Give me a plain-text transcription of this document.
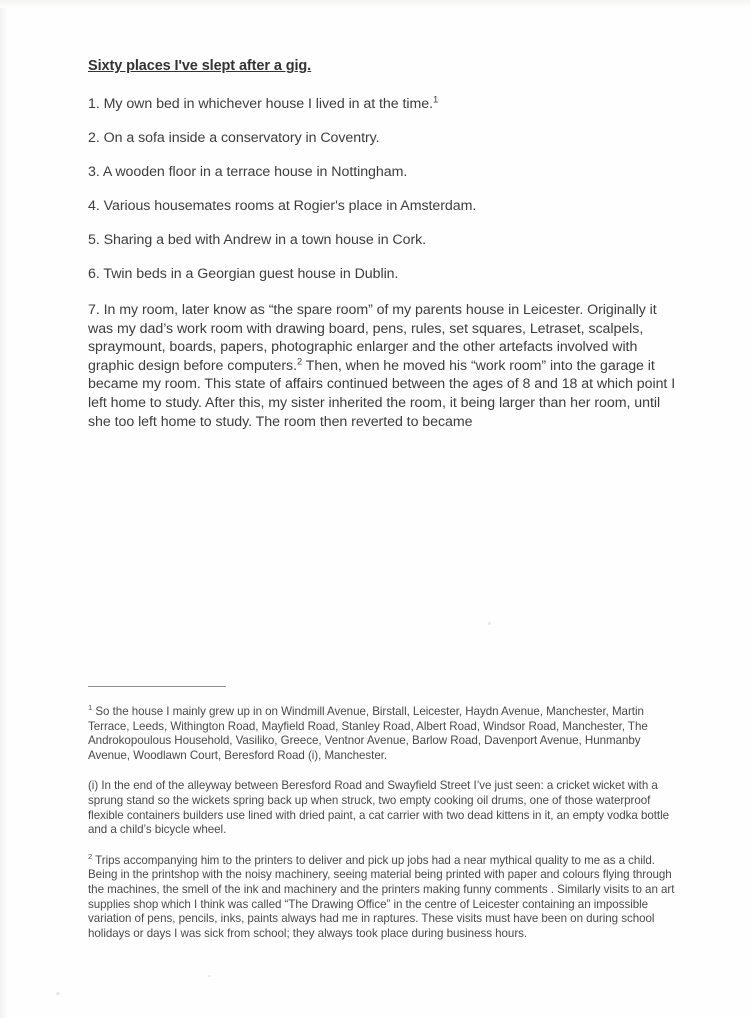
Sixty places I've slept after a gig.

1. My own bed in whichever house I lived in at the time.$^1$

2. On a sofa inside a conservatory in Coventry.

3. A wooden floor in a terrace house in Nottingham.

4. Various housemates rooms at Rogier's place in Amsterdam.

5. Sharing a bed with Andrew in a town house in Cork.

6. Twin beds in a Georgian guest house in Dublin.

7. In my room, later know as “the spare room” of my parents house in Leicester. Originally it was my dad’s work room with drawing board, pens, rules, set squares, Letraset, scalpels, spraymount, boards, papers, photographic enlarger and the other artefacts involved with graphic design before computers.$^2$ Then, when he moved his “work room” into the garage it became my room. This state of affairs continued between the ages of 8 and 18 at which point I left home to study. After this, my sister inherited the room, it being larger than her room, until she too left home to study. The room then reverted to became

$^1$ So the house I mainly grew up in on Windmill Avenue, Birstall, Leicester, Haydn Avenue, Manchester, Martin Terrace, Leeds, Withington Road, Mayfield Road, Stanley Road, Albert Road, Windsor Road, Manchester, The Androkopoulous Household, Vasiliko, Greece, Ventnor Avenue, Barlow Road, Davenport Avenue, Hunmanby Avenue, Woodlawn Court, Beresford Road (i), Manchester.

(i) In the end of the alleyway between Beresford Road and Swayfield Street I’ve just seen: a cricket wicket with a sprung stand so the wickets spring back up when struck, two empty cooking oil drums, one of those waterproof flexible containers builders use lined with dried paint, a cat carrier with two dead kittens in it, an empty vodka bottle and a child’s bicycle wheel.

$^2$ Trips accompanying him to the printers to deliver and pick up jobs had a near mythical quality to me as a child. Being in the printshop with the noisy machinery, seeing material being printed with paper and colours flying through the machines, the smell of the ink and machinery and the printers making funny comments . Similarly visits to an art supplies shop which I think was called “The Drawing Office” in the centre of Leicester containing an impossible variation of pens, pencils, inks, paints always had me in raptures. These visits must have been on during school holidays or days I was sick from school; they always took place during business hours.
